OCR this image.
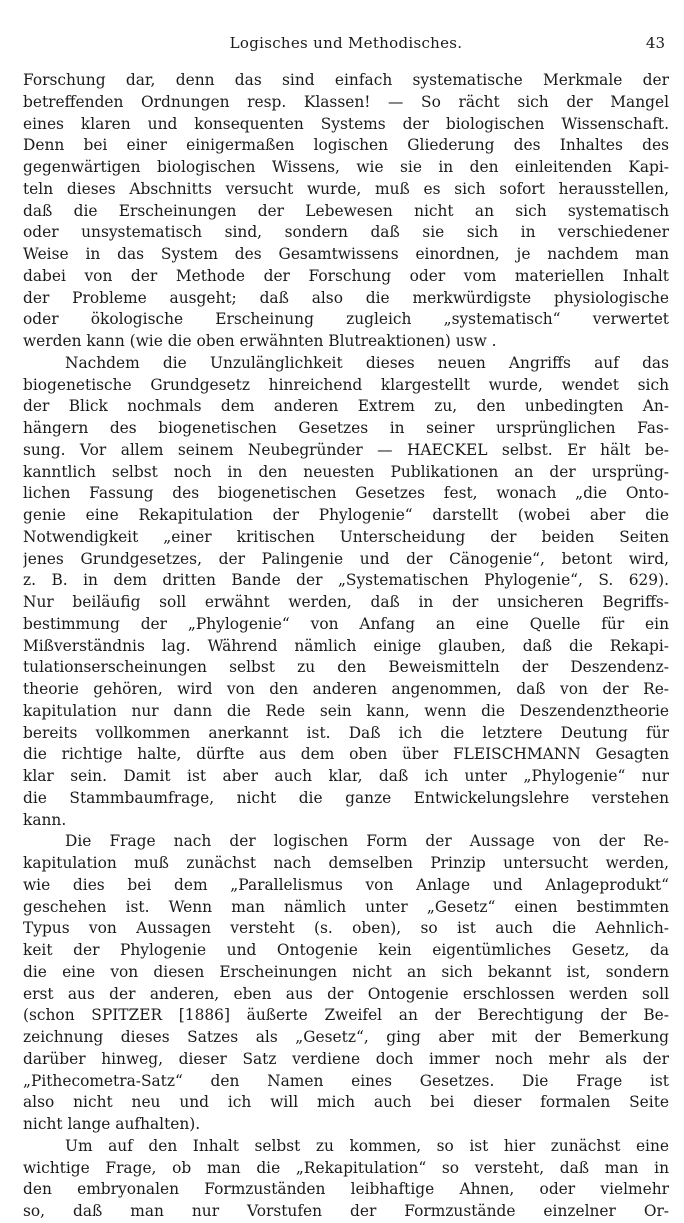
Logisches und Methodisches.	43
Forschung dar, denn das sind einfach systematische Merkmale der
betreffenden Ordnungen resp. Klassen! — So rächt sich der Mangel
eines klaren und konsequenten Systems der biologischen Wissenschaft.
Denn bei einer einigermaßen logischen Gliederung des Inhaltes des
gegenwärtigen biologischen Wissens, wie sie in den einleitenden Kapi-
teln dieses Abschnitts versucht wurde, muß es sich sofort herausstellen,
daß die Erscheinungen der Lebewesen nicht an sich systematisch
oder unsystematisch sind, sondern daß sie sich in verschiedener
Weise in das System des Gesamtwissens einordnen, je nachdem man
dabei von der Methode der Forschung oder vom materiellen Inhalt
der Probleme ausgeht; daß also die merkwürdigste physiologische
oder ökologische Erscheinung zugleich „systematisch“ verwertet
werden kann (wie die oben erwähnten Blutreaktionen) usw .
Nachdem die Unzulänglichkeit dieses neuen Angriffs auf das
biogenetische Grundgesetz hinreichend klargestellt wurde, wendet sich
der Blick nochmals dem anderen Extrem zu, den unbedingten An-
hängern des biogenetischen Gesetzes in seiner ursprünglichen Fas-
sung. Vor allem seinem Neubegründer — HAECKEL selbst. Er hält be-
kanntlich selbst noch in den neuesten Publikationen an der ursprüng-
lichen Fassung des biogenetischen Gesetzes fest, wonach „die Onto-
genie eine Rekapitulation der Phylogenie“ darstellt (wobei aber die
Notwendigkeit „einer kritischen Unterscheidung der beiden Seiten
jenes Grundgesetzes, der Palingenie und der Cänogenie“, betont wird,
z. B. in dem dritten Bande der „Systematischen Phylogenie“, S. 629).
Nur beiläufig soll erwähnt werden, daß in der unsicheren Begriffs-
bestimmung der „Phylogenie“ von Anfang an eine Quelle für ein
Mißverständnis lag. Während nämlich einige glauben, daß die Rekapi-
tulationserscheinungen selbst zu den Beweismitteln der Deszendenz-
theorie gehören, wird von den anderen angenommen, daß von der Re-
kapitulation nur dann die Rede sein kann, wenn die Deszendenztheorie
bereits vollkommen anerkannt ist. Daß ich die letztere Deutung für
die richtige halte, dürfte aus dem oben über FLEISCHMANN Gesagten
klar sein. Damit ist aber auch klar, daß ich unter „Phylogenie“ nur
die Stammbaumfrage, nicht die ganze Entwickelungslehre verstehen
kann.
Die Frage nach der logischen Form der Aussage von der Re-
kapitulation muß zunächst nach demselben Prinzip untersucht werden,
wie dies bei dem „Parallelismus von Anlage und Anlageprodukt“
geschehen ist. Wenn man nämlich unter „Gesetz“ einen bestimmten
Typus von Aussagen versteht (s. oben), so ist auch die Aehnlich-
keit der Phylogenie und Ontogenie kein eigentümliches Gesetz, da
die eine von diesen Erscheinungen nicht an sich bekannt ist, sondern
erst aus der anderen, eben aus der Ontogenie erschlossen werden soll
(schon SPITZER [1886] äußerte Zweifel an der Berechtigung der Be-
zeichnung dieses Satzes als „Gesetz“, ging aber mit der Bemerkung
darüber hinweg, dieser Satz verdiene doch immer noch mehr als der
„Pithecometra-Satz“ den Namen eines Gesetzes. Die Frage ist
also nicht neu und ich will mich auch bei dieser formalen Seite
nicht lange aufhalten).
Um auf den Inhalt selbst zu kommen, so ist hier zunächst eine
wichtige Frage, ob man die „Rekapitulation“ so versteht, daß man in
den embryonalen Formzuständen leibhaftige Ahnen, oder vielmehr
so, daß man nur Vorstufen der Formzustände einzelner Or-
